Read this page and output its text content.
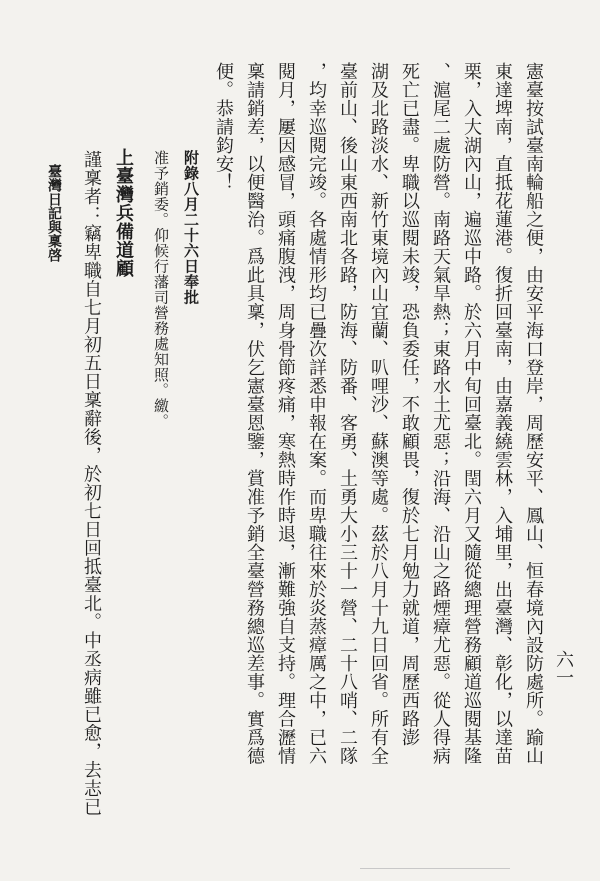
六一
憲臺按試臺南輪船之便，由安平海口登岸，周歷安平、鳳山、恒春境內設防處所。踰山
東達埤南，直抵花蓮港。復折回臺南，由嘉義繞雲林，入埔里，出臺灣、彰化，以達苗
栗，入大湖內山，遍巡中路。於六月中旬回臺北。閏六月又隨從總理營務顧道巡閱基隆
、滬尾二處防營。南路天氣旱熱；東路水土尤惡；沿海、沿山之路煙瘴尤惡。從人得病
死亡已盡。卑職以巡閱未竣，恐負委任，不敢顧畏，復於七月勉力就道，周歷西路澎
湖及北路淡水、新竹東境內山宜蘭、叭哩沙、蘇澳等處。茲於八月十九日回省。所有全
臺前山、後山東西南北各路，防海、防番、客勇、土勇大小三十一營、二十八哨、二隊
，均幸巡閱完竣。各處情形均已疊次詳悉申報在案。而卑職往來於炎蒸瘴厲之中，已六
閱月，屢因感冒，頭痛腹洩，周身骨節疼痛，寒熱時作時退，漸難強自支持。理合瀝情
稟請銷差，以便醫治。爲此具稟，伏乞憲臺恩鑒，賞准予銷全臺營務總巡差事。實爲德
便。恭請鈞安！
附錄八月二十六日奉批
准予銷委。仰候行藩司營務處知照。繳。
上臺灣兵備道顧
謹稟者：竊卑職自七月初五日稟辭後，於初七日回抵臺北。中丞病雖已愈，去志已
臺灣日記與稟啓
